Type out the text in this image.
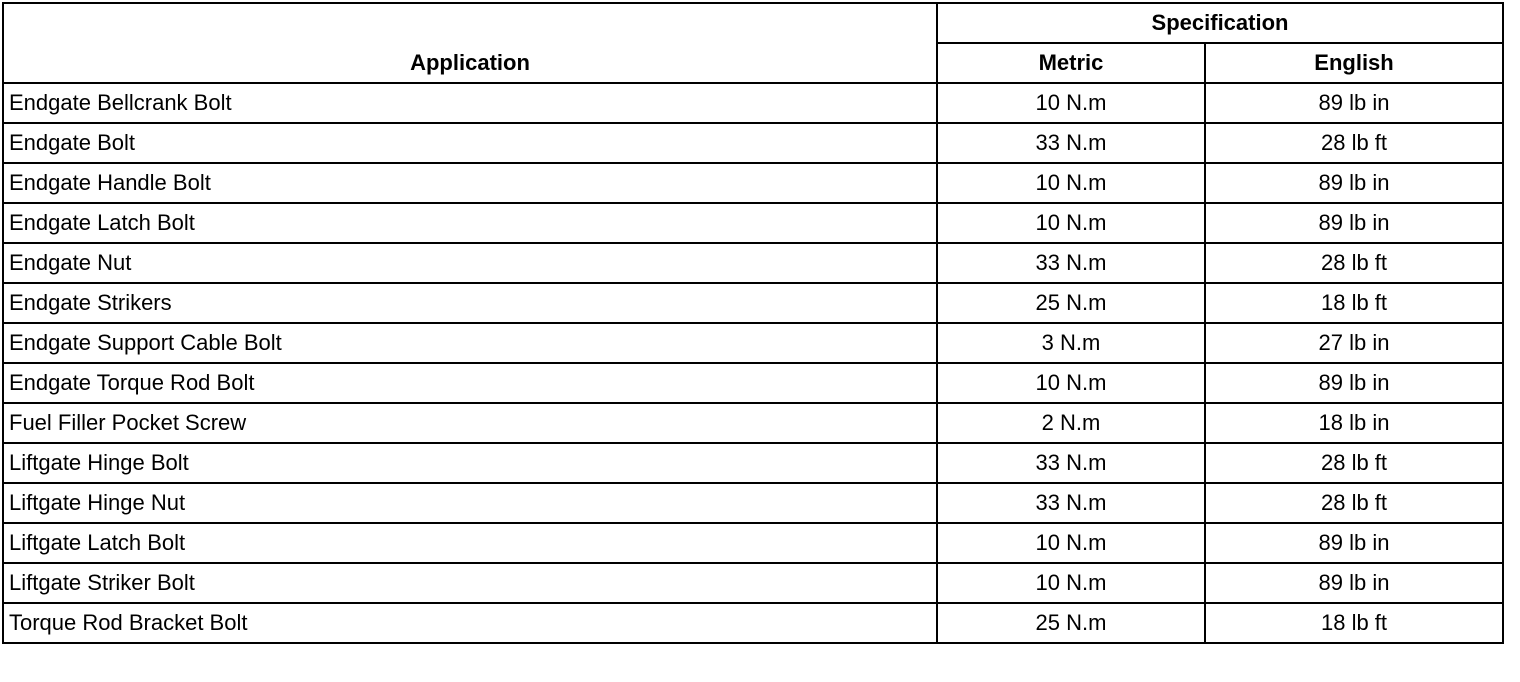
Application	Specification	
	Metric	English
Endgate Bellcrank Bolt	10 N.m	89 lb in
Endgate Bolt	33 N.m	28 lb ft
Endgate Handle Bolt	10 N.m	89 lb in
Endgate Latch Bolt	10 N.m	89 lb in
Endgate Nut	33 N.m	28 lb ft
Endgate Strikers	25 N.m	18 lb ft
Endgate Support Cable Bolt	3 N.m	27 lb in
Endgate Torque Rod Bolt	10 N.m	89 lb in
Fuel Filler Pocket Screw	2 N.m	18 lb in
Liftgate Hinge Bolt	33 N.m	28 lb ft
Liftgate Hinge Nut	33 N.m	28 lb ft
Liftgate Latch Bolt	10 N.m	89 lb in
Liftgate Striker Bolt	10 N.m	89 lb in
Torque Rod Bracket Bolt	25 N.m	18 lb ft
